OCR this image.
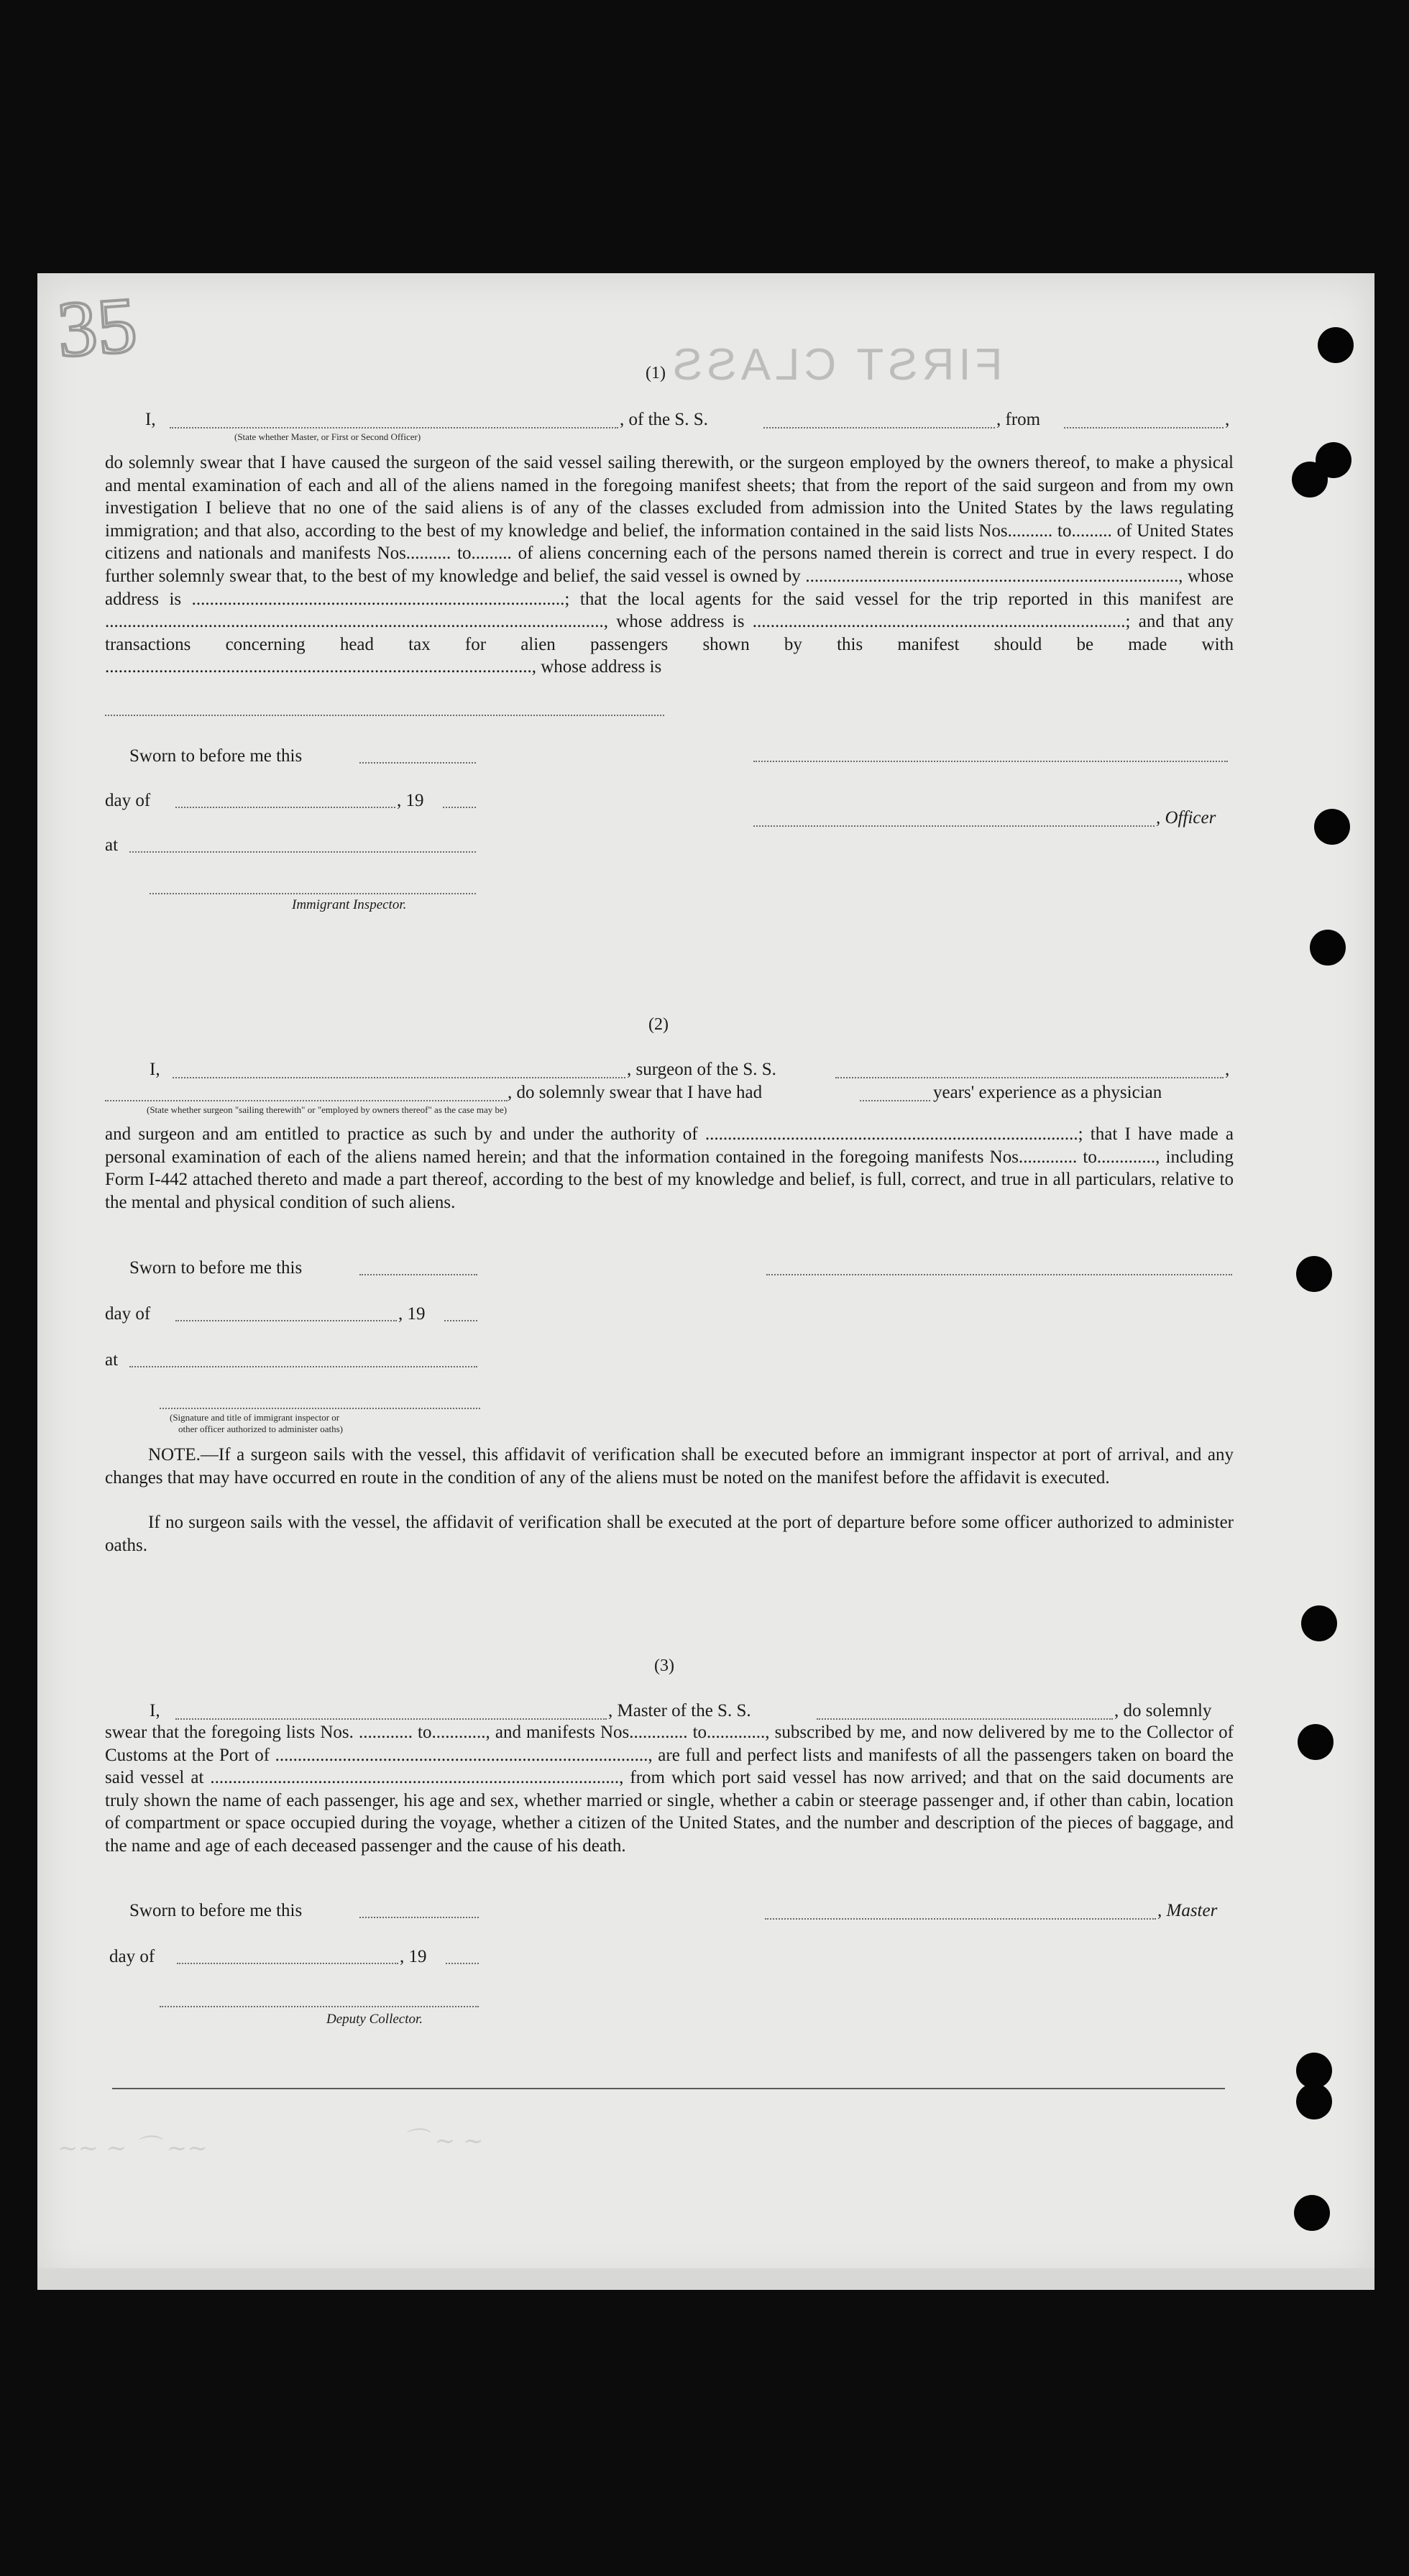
35	FIRST CLASS
(1)
I,	, of the S. S.	, from	,
(State whether Master, or First or Second Officer)
do solemnly swear that I have caused the surgeon of the said vessel sailing therewith, or the surgeon employed by the owners thereof, to make a physical and mental examination of each and all of the aliens named in the foregoing manifest sheets; that from the report of the said surgeon and from my own investigation I believe that no one of the said aliens is of any of the classes excluded from admission into the United States by the laws regulating immigration; and that also, according to the best of my knowledge and belief, the information contained in the said lists Nos.......... to......... of United States citizens and nationals and manifests Nos.......... to......... of aliens concerning each of the persons named therein is correct and true in every respect. I do further solemnly swear that, to the best of my knowledge and belief, the said vessel is owned by ..................................................................................., whose address is ...................................................................................; that the local agents for the said vessel for the trip reported in this manifest are ..............................................................................................................., whose address is ...................................................................................; and that any transactions concerning head tax for alien passengers shown by this manifest should be made with ..............................................................................................., whose address is
Sworn to before me this
day of	, 19
, Officer
at
Immigrant Inspector.
(2)
I,	, surgeon of the S. S.	,
, do solemnly swear that I have had	years' experience as a physician
(State whether surgeon "sailing therewith" or "employed by owners thereof" as the case may be)
and surgeon and am entitled to practice as such by and under the authority of ...................................................................................; that I have made a personal examination of each of the aliens named herein; and that the information contained in the foregoing manifests Nos............. to............., including Form I-442 attached thereto and made a part thereof, according to the best of my knowledge and belief, is full, correct, and true in all particulars, relative to the mental and physical condition of such aliens.
Sworn to before me this
day of	, 19
at
(Signature and title of immigrant inspector or
other officer authorized to administer oaths)
NOTE.—If a surgeon sails with the vessel, this affidavit of verification shall be executed before an immigrant inspector at port of arrival, and any changes that may have occurred en route in the condition of any of the aliens must be noted on the manifest before the affidavit is executed.
If no surgeon sails with the vessel, the affidavit of verification shall be executed at the port of departure before some officer authorized to administer oaths.
(3)
I,	, Master of the S. S.	, do solemnly
swear that the foregoing lists Nos. ............ to............, and manifests Nos............. to............., subscribed by me, and now delivered by me to the Collector of Customs at the Port of ..................................................................................., are full and perfect lists and manifests of all the passengers taken on board the said vessel at ..........................................................................................., from which port said vessel has now arrived; and that on the said documents are truly shown the name of each passenger, his age and sex, whether married or single, whether a cabin or steerage passenger and, if other than cabin, location of compartment or space occupied during the voyage, whether a citizen of the United States, and the number and description of the pieces of baggage, and the name and age of each deceased passenger and the cause of his death.
Sworn to before me this	, Master
day of	, 19
Deputy Collector.
~~ ∼ ⌒ ~~	⌒ ∼ ~
